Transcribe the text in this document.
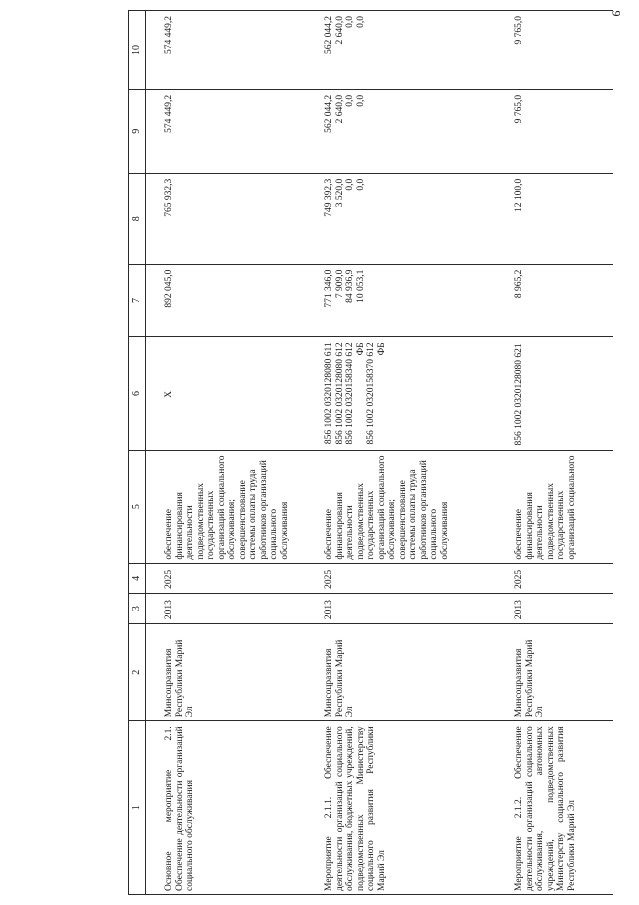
9
1	2	3	4	5	6	7	8	9	10
Основное мероприятие 2.1. Обеспечение деятельности организаций социального обслуживания	Минсоцразвития Республики Марий Эл	2013	2025	обеспечение финансирования деятельности подведомственных государственных организаций социального обслуживания; совершенствование системы оплаты труда работников организаций социального обслуживания	Х	892 045,0	765 932,3	574 449,2	574 449,2
Мероприятие 2.1.1. Обеспечение деятельности организаций социального обслуживания, бюджетных учреждений, подведомственных Министерству социального развития Республики Марий Эл	Минсоцразвития Республики Марий Эл	2013	2025	обеспечение финансирования деятельности подведомственных государственных организаций социального обслуживания; совершенствование системы оплаты труда работников организаций социального обслуживания	856 1002 0320128080 611 856 1002 0320128080 612 856 1002 0320158340 612 ФБ 856 1002 0320158370 612 ФБ	771 346,0 7 909,0 84 936,9 10 053,1	749 392,3 3 520,0 0,0 0,0	562 044,2 2 640,0 0,0 0,0	562 044,2 2 640,0 0,0 0,0

Мероприятие 2.1.2. Обеспечение деятельности организаций социального обслуживания, автономных учреждений, подведомственных Министерству социального развития Республики Марий Эл	Минсоцразвития Республики Марий Эл	2013	2025	обеспечение финансирования деятельности подведомственных государственных организаций социального	856 1002 0320128080 621	8 965,2	12 100,0	9 765,0	9 765,0
